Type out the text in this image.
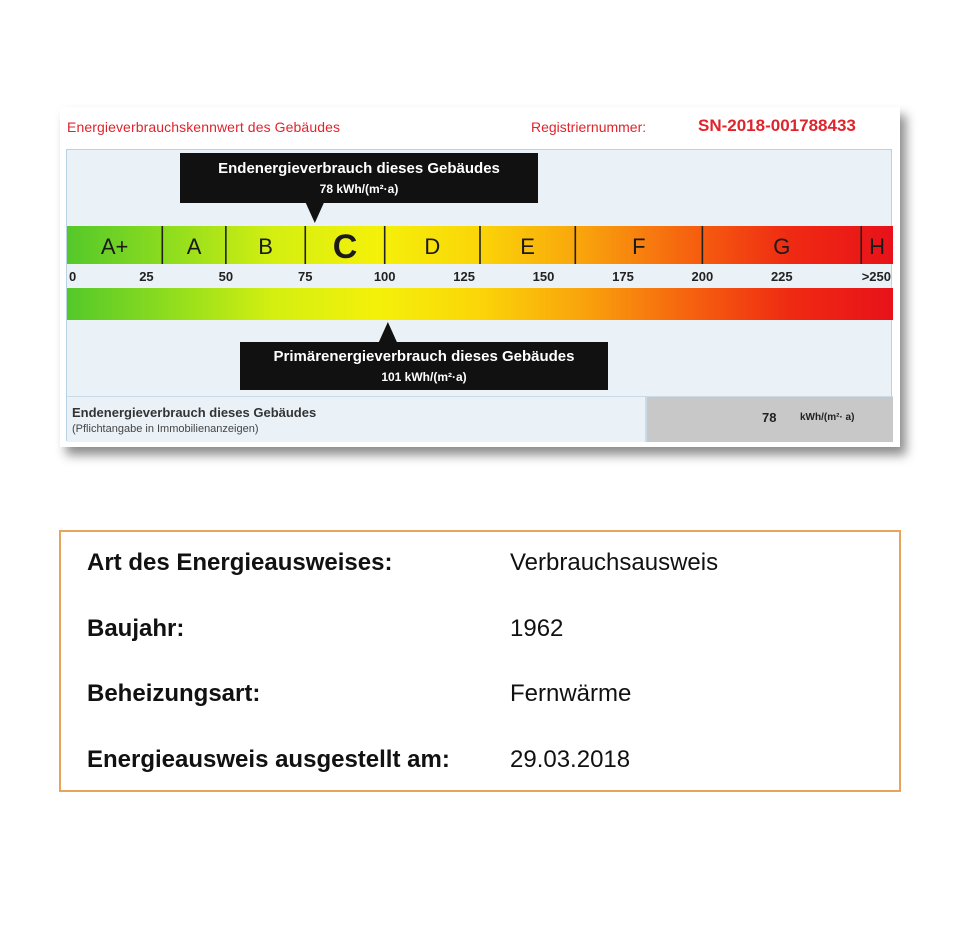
Energieverbrauchskennwert des Gebäudes	Registriernummer:	SN-2018-001788433
A+	A	B C	D	E	F	G	H
0	25	50	75	100	125	150	175	200	225	>250
Endenergieverbrauch dieses Gebäudes
78 kWh/(m²·a)
Primärenergieverbrauch dieses Gebäudes
101 kWh/(m²·a)
Endenergieverbrauch dieses Gebäudes
(Pflichtangabe in Immobilienanzeigen)
78 kWh/(m²· a)
Art des Energieausweises:	Verbrauchsausweis
Baujahr:	1962
Beheizungsart:	Fernwärme
Energieausweis ausgestellt am:	29.03.2018
